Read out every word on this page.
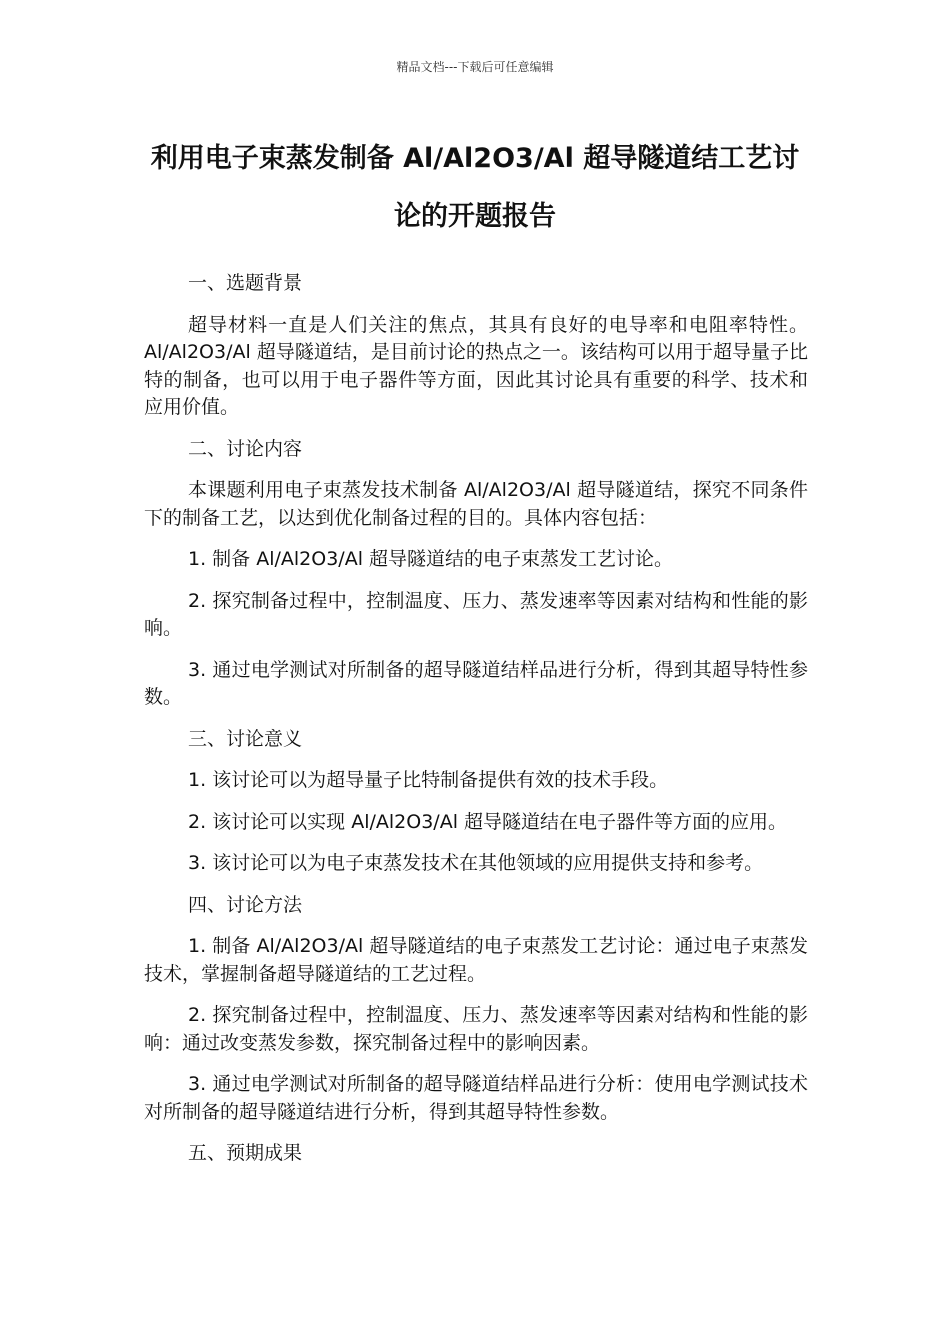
精品文档---下载后可任意编辑
利用电子束蒸发制备 Al/Al2O3/Al 超导隧道结工艺讨
论的开题报告

一、选题背景

超导材料一直是人们关注的焦点，其具有良好的电导率和电阻率特性。Al/Al2O3/Al 超导隧道结，是目前讨论的热点之一。该结构可以用于超导量子比特的制备，也可以用于电子器件等方面，因此其讨论具有重要的科学、技术和应用价值。

二、讨论内容

本课题利用电子束蒸发技术制备 Al/Al2O3/Al 超导隧道结，探究不同条件下的制备工艺，以达到优化制备过程的目的。具体内容包括：

1. 制备 Al/Al2O3/Al 超导隧道结的电子束蒸发工艺讨论。

2. 探究制备过程中，控制温度、压力、蒸发速率等因素对结构和性能的影响。

3. 通过电学测试对所制备的超导隧道结样品进行分析，得到其超导特性参数。

三、讨论意义

1. 该讨论可以为超导量子比特制备提供有效的技术手段。

2. 该讨论可以实现 Al/Al2O3/Al 超导隧道结在电子器件等方面的应用。

3. 该讨论可以为电子束蒸发技术在其他领域的应用提供支持和参考。

四、讨论方法

1. 制备 Al/Al2O3/Al 超导隧道结的电子束蒸发工艺讨论：通过电子束蒸发技术，掌握制备超导隧道结的工艺过程。

2. 探究制备过程中，控制温度、压力、蒸发速率等因素对结构和性能的影响：通过改变蒸发参数，探究制备过程中的影响因素。

3. 通过电学测试对所制备的超导隧道结样品进行分析：使用电学测试技术对所制备的超导隧道结进行分析，得到其超导特性参数。

五、预期成果
